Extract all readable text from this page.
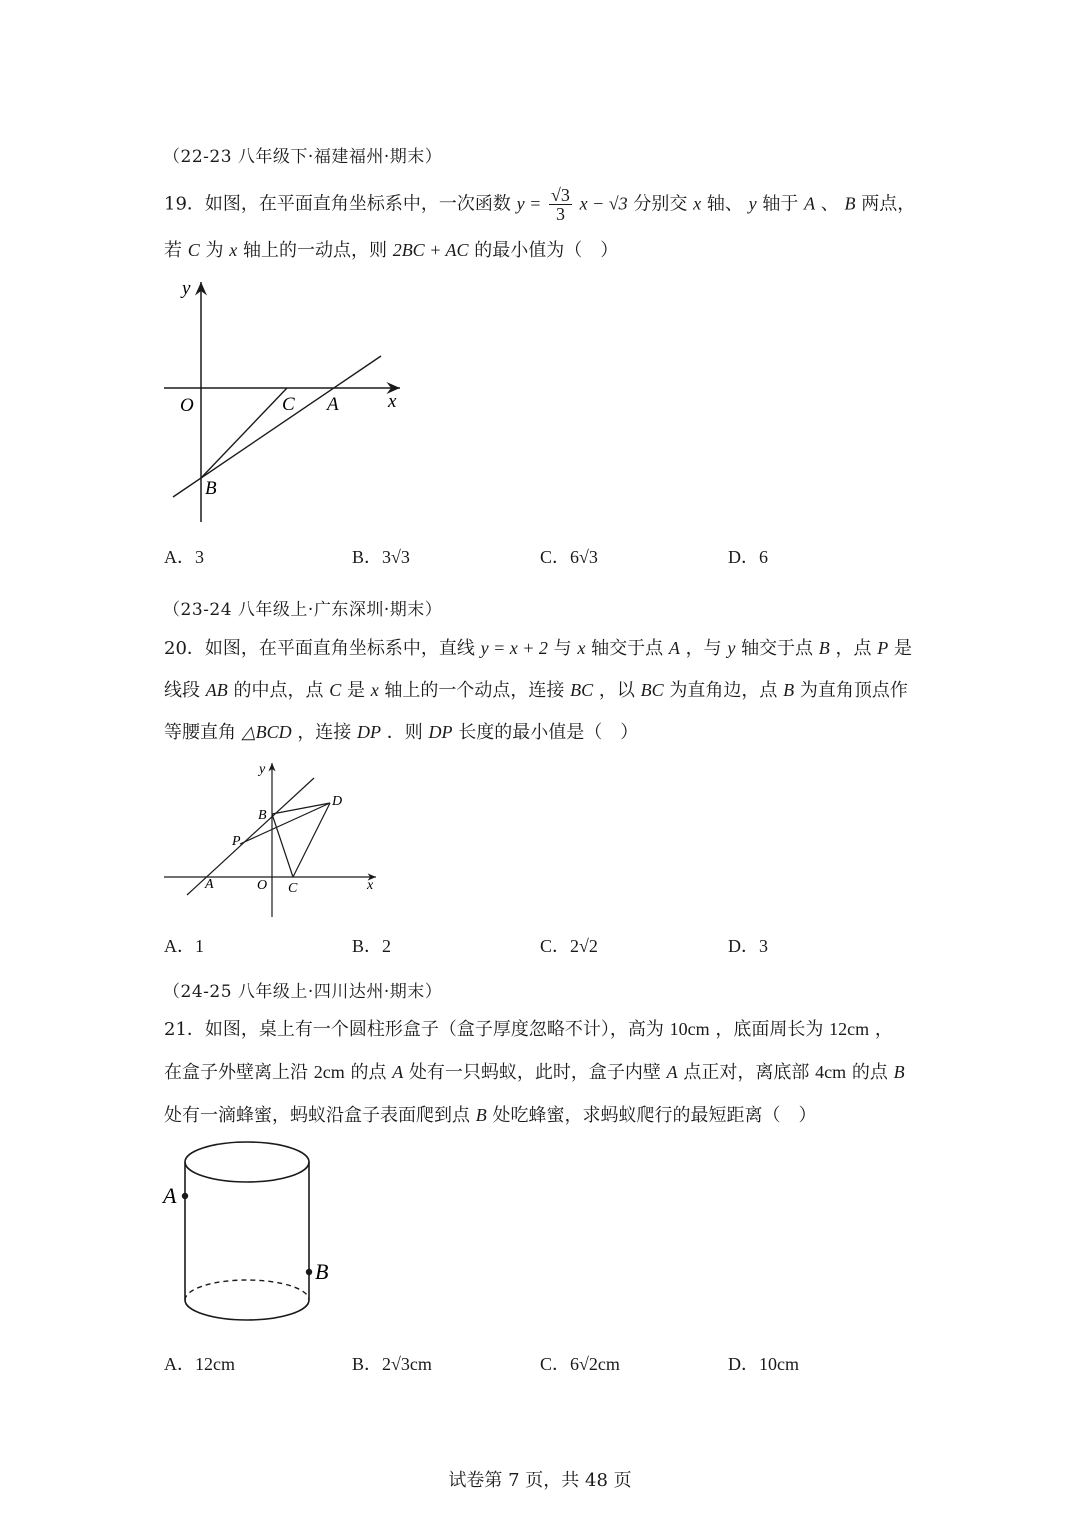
（22-23 八年级下·福建福州·期末）
19．如图，在平面直角坐标系中，一次函数 $y = \frac{√3}{3}$ x − √3 分别交 x 轴、 y 轴于 A 、 B 两点，
若 C 为 x 轴上的一动点，则 2BC + AC 的最小值为（　）
y
O	C A	x
B
A．3	B．3√3	C．6√3	D．6
（23-24 八年级上·广东深圳·期末）
20．如图，在平面直角坐标系中，直线 y = x + 2 与 x 轴交于点 A ，与 y 轴交于点 B ，点 P 是
线段 AB 的中点，点 C 是 x 轴上的一个动点，连接 BC ，以 BC 为直角边，点 B 为直角顶点作
等腰直角 △BCD ，连接 DP ．则 DP 长度的最小值是（　）
y
B
D
P
A	O C	x
A．1	B．2	C．2√2	D．3
（24-25 八年级上·四川达州·期末）
21．如图，桌上有一个圆柱形盒子（盒子厚度忽略不计），高为 10cm ，底面周长为 12cm ，
在盒子外壁离上沿 2cm 的点 A 处有一只蚂蚁，此时，盒子内壁 A 点正对，离底部 4cm 的点 B
处有一滴蜂蜜，蚂蚁沿盒子表面爬到点 B 处吃蜂蜜，求蚂蚁爬行的最短距离（　）
A
B
A．12cm	B．2√3cm	C．6√2cm	D．10cm
试卷第 7 页，共 48 页
